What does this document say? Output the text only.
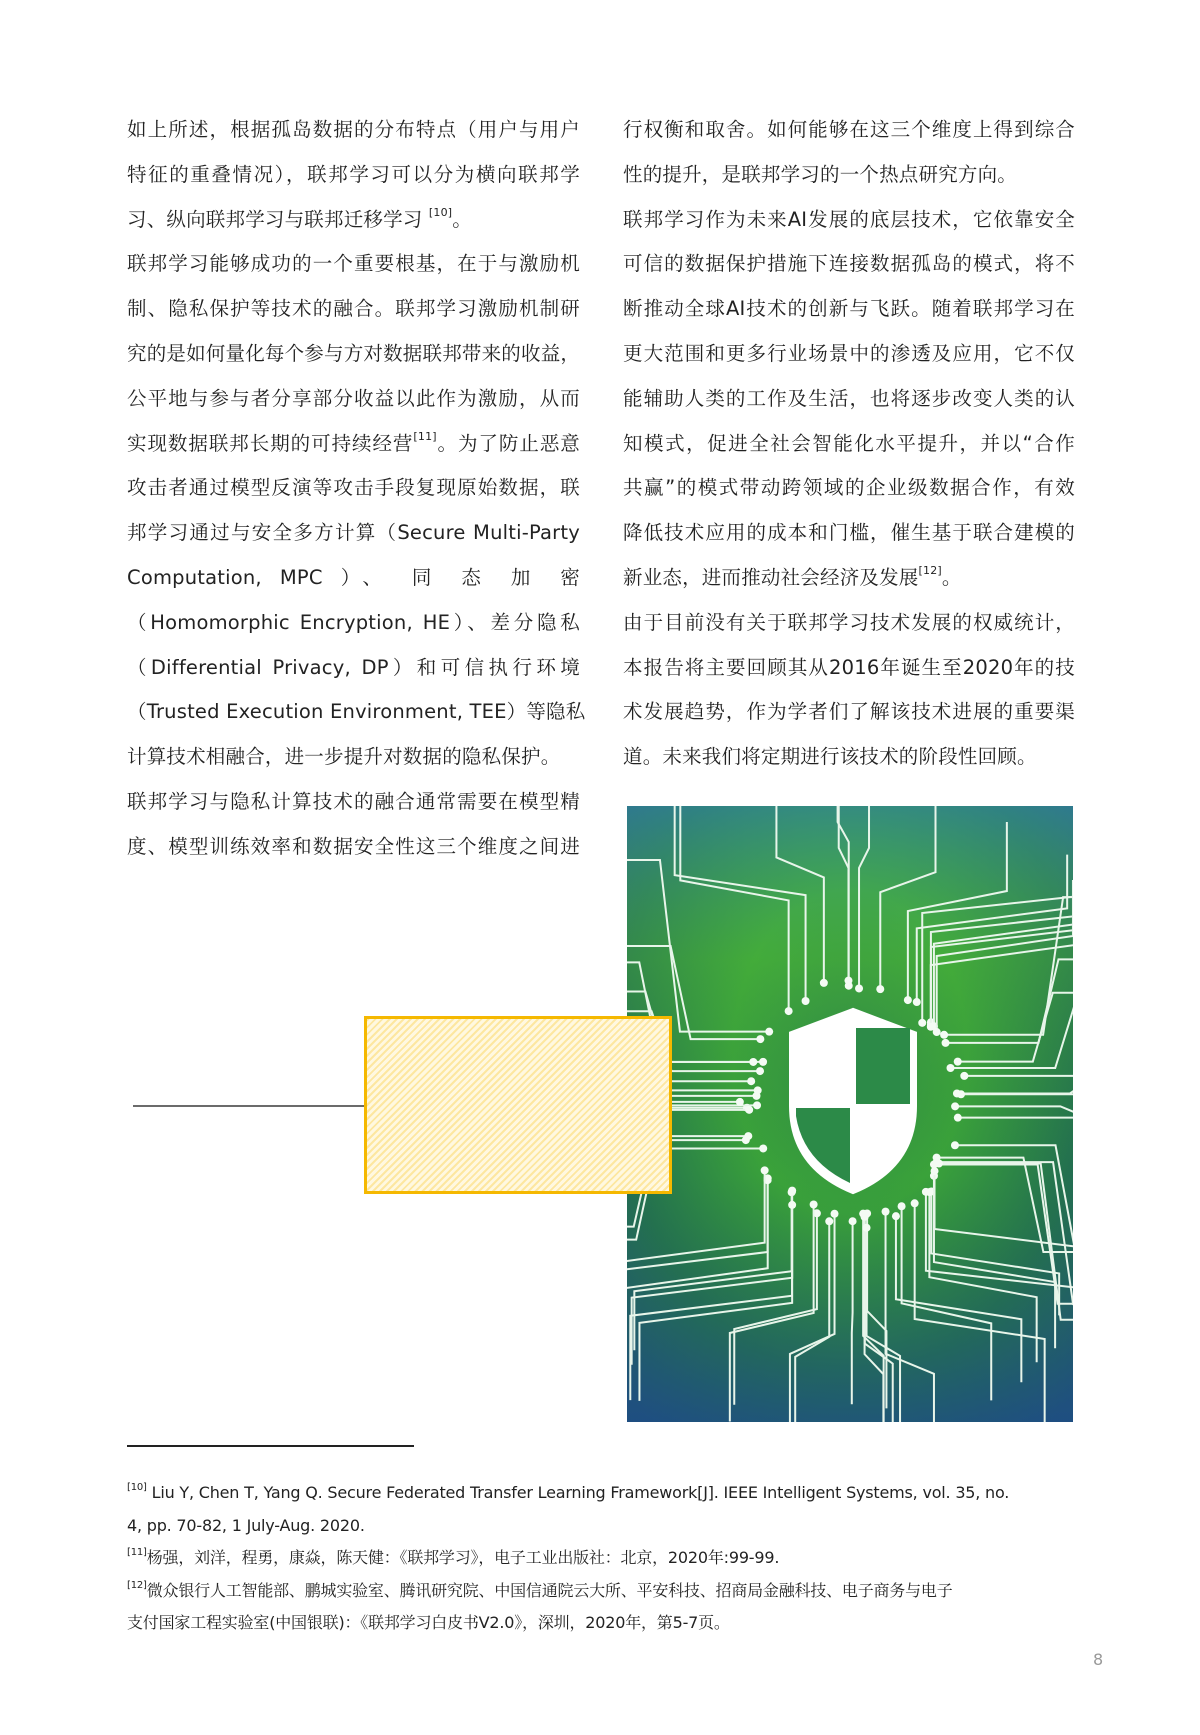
如上所述，根据孤岛数据的分布特点（用户与用户
特征的重叠情况），联邦学习可以分为横向联邦学
习、纵向联邦学习与联邦迁移学习 [10]。
联邦学习能够成功的一个重要根基，在于与激励机
制、隐私保护等技术的融合。联邦学习激励机制研
究的是如何量化每个参与方对数据联邦带来的收益，
公平地与参与者分享部分收益以此作为激励，从而
实现数据联邦长期的可持续经营[11]。为了防止恶意
攻击者通过模型反演等攻击手段复现原始数据，联
邦学习通过与安全多方计算（Secure Multi-Party
Computation, MPC ）、 同 态 加 密
（Homomorphic Encryption, HE）、差分隐私
（Differential Privacy, DP）和可信执行环境
（Trusted Execution Environment, TEE）等隐私
计算技术相融合，进一步提升对数据的隐私保护。
联邦学习与隐私计算技术的融合通常需要在模型精
度、模型训练效率和数据安全性这三个维度之间进
行权衡和取舍。如何能够在这三个维度上得到综合
性的提升，是联邦学习的一个热点研究方向。
联邦学习作为未来AI发展的底层技术，它依靠安全
可信的数据保护措施下连接数据孤岛的模式，将不
断推动全球AI技术的创新与飞跃。随着联邦学习在
更大范围和更多行业场景中的渗透及应用，它不仅
能辅助人类的工作及生活，也将逐步改变人类的认
知模式，促进全社会智能化水平提升，并以“合作
共赢”的模式带动跨领域的企业级数据合作，有效
降低技术应用的成本和门槛，催生基于联合建模的
新业态，进而推动社会经济及发展[12]。
由于目前没有关于联邦学习技术发展的权威统计，
本报告将主要回顾其从2016年诞生至2020年的技
术发展趋势，作为学者们了解该技术进展的重要渠
道。未来我们将定期进行该技术的阶段性回顾。
[10] Liu Y, Chen T, Yang Q. Secure Federated Transfer Learning Framework[J]. IEEE Intelligent Systems, vol. 35, no.
4, pp. 70-82, 1 July-Aug. 2020.
[11]杨强，刘洋，程勇，康焱，陈天健：《联邦学习》，电子工业出版社：北京，2020年:99-99.
[12]微众银行人工智能部、鹏城实验室、腾讯研究院、中国信通院云大所、平安科技、招商局金融科技、电子商务与电子
支付国家工程实验室(中国银联)：《联邦学习白皮书V2.0》，深圳，2020年，第5-7页。
8
